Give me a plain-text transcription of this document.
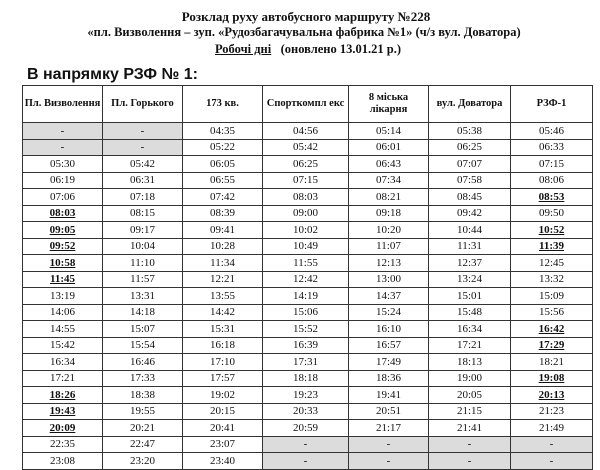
Розклад руху автобусного маршруту №228
«пл. Визволення – зуп. «Рудозбагачувальна фабрика №1» (ч/з вул. Доватора)
Робочі дні (оновлено 13.01.21 р.)
В напрямку РЗФ № 1:
Пл. Визволення	Пл. Горького	173 кв.	Спорткомпл екс	8 міська лікарня	вул. Доватора	РЗФ-1
-	-	04:35	04:56	05:14	05:38	05:46
-	-	05:22	05:42	06:01	06:25	06:33
05:30	05:42	06:05	06:25	06:43	07:07	07:15
06:19	06:31	06:55	07:15	07:34	07:58	08:06
07:06	07:18	07:42	08:03	08:21	08:45	08:53
08:03	08:15	08:39	09:00	09:18	09:42	09:50
09:05	09:17	09:41	10:02	10:20	10:44	10:52
09:52	10:04	10:28	10:49	11:07	11:31	11:39
10:58	11:10	11:34	11:55	12:13	12:37	12:45
11:45	11:57	12:21	12:42	13:00	13:24	13:32
13:19	13:31	13:55	14:19	14:37	15:01	15:09
14:06	14:18	14:42	15:06	15:24	15:48	15:56
14:55	15:07	15:31	15:52	16:10	16:34	16:42
15:42	15:54	16:18	16:39	16:57	17:21	17:29
16:34	16:46	17:10	17:31	17:49	18:13	18:21
17:21	17:33	17:57	18:18	18:36	19:00	19:08
18:26	18:38	19:02	19:23	19:41	20:05	20:13
19:43	19:55	20:15	20:33	20:51	21:15	21:23
20:09	20:21	20:41	20:59	21:17	21:41	21:49
22:35	22:47	23:07	-	-	-	-
23:08	23:20	23:40	-	-	-	-
